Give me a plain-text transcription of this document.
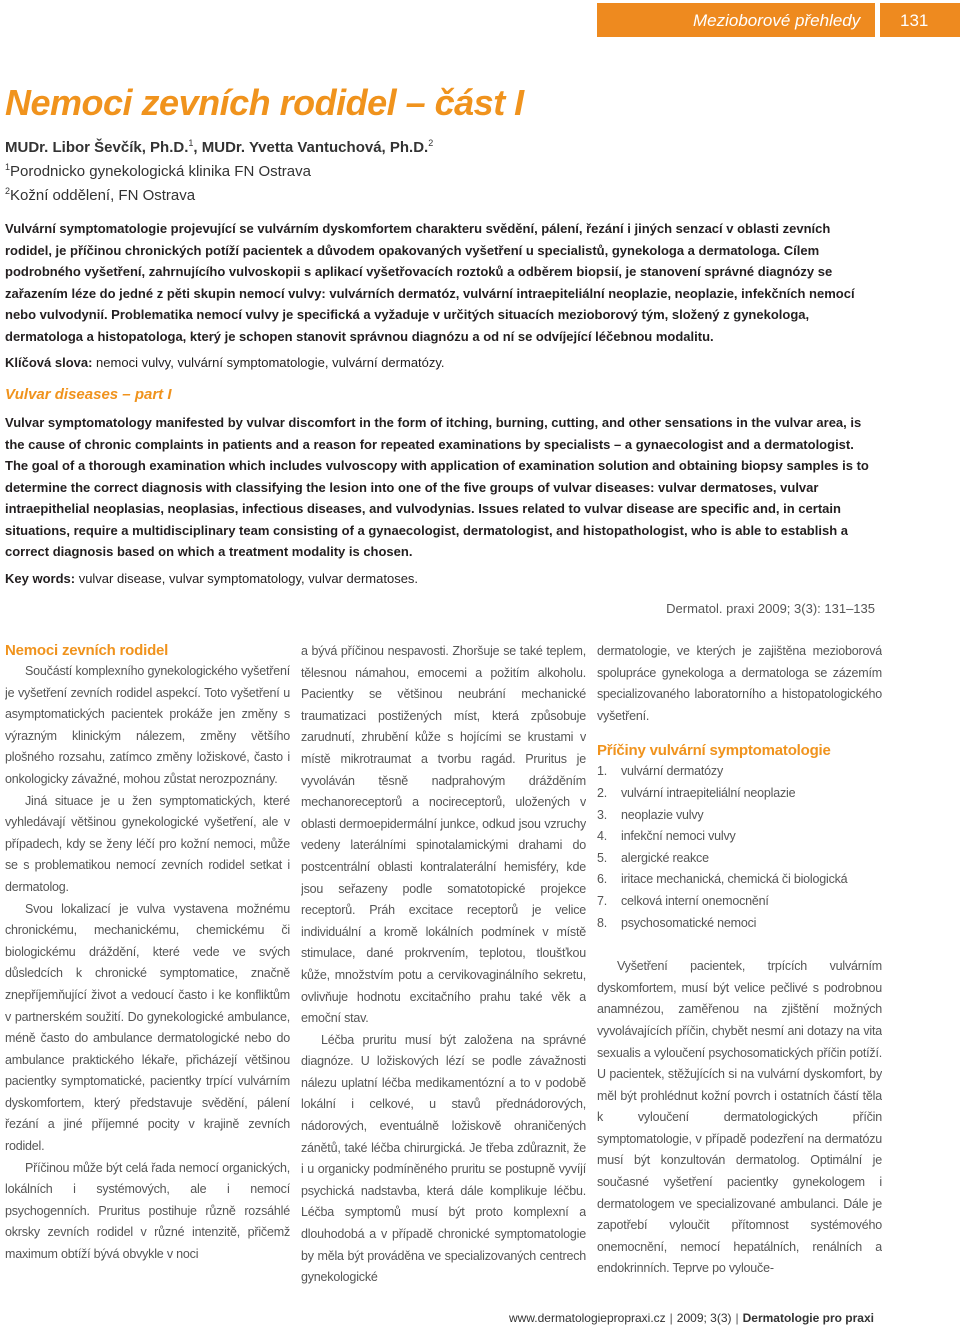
Mezioborové přehledy	131
Nemoci zevních rodidel – část I
MUDr. Libor Ševčík, Ph.D.$^1$, MUDr. Yvetta Vantuchová, Ph.D.$^2$
$^1$Porodnicko gynekologická klinika FN Ostrava
$^2$Kožní oddělení, FN Ostrava

Vulvární symptomatologie projevující se vulvárním dyskomfortem charakteru svědění, pálení, řezání i jiných senzací v oblasti zevních rodidel, je příčinou chronických potíží pacientek a důvodem opakovaných vyšetření u specialistů, gynekologa a dermatologa. Cílem podrobného vyšetření, zahrnujícího vulvoskopii s aplikací vyšetřovacích roztoků a odběrem biopsií, je stanovení správné diagnózy se zařazením léze do jedné z pěti skupin nemocí vulvy: vulvárních dermatóz, vulvární intraepiteliální neoplazie, neoplazie, infekčních nemocí nebo vulvodynií. Problematika nemocí vulvy je specifická a vyžaduje v určitých situacích mezioborový tým, složený z gynekologa, dermatologa a histopatologa, který je schopen stanovit správnou diagnózu a od ní se odvíjející léčebnou modalitu.

Klíčová slova: nemoci vulvy, vulvární symptomatologie, vulvární dermatózy.

Vulvar diseases – part I

Vulvar symptomatology manifested by vulvar discomfort in the form of itching, burning, cutting, and other sensations in the vulvar area, is the cause of chronic complaints in patients and a reason for repeated examinations by specialists – a gynaecologist and a dermatologist. The goal of a thorough examination which includes vulvoscopy with application of examination solution and obtaining biopsy samples is to determine the correct diagnosis with classifying the lesion into one of the five groups of vulvar diseases: vulvar dermatoses, vulvar intraepithelial neoplasias, neoplasias, infectious diseases, and vulvodynias. Issues related to vulvar disease are specific and, in certain situations, require a multidisciplinary team consisting of a gynaecologist, dermatologist, and histopathologist, who is able to establish a correct diagnosis based on which a treatment modality is chosen.

Key words: vulvar disease, vulvar symptomatology, vulvar dermatoses.

Dermatol. praxi 2009; 3(3): 131–135
Nemoci zevních rodidel

Součástí komplexního gynekologického vyšetření je vyšetření zevních rodidel aspekcí. Toto vyšetření u asymptomatických pacientek prokáže jen změny s výrazným klinickým nálezem, změny většího plošného rozsahu, zatímco změny ložiskové, často i onkologicky závažné, mohou zůstat nerozpoznány.

Jiná situace je u žen symptomatických, které vyhledávají většinou gynekologické vyšetření, ale v případech, kdy se ženy léčí pro kožní nemoci, může se s problematikou nemocí zevních rodidel setkat i dermatolog.

Svou lokalizací je vulva vystavena možnému chronickému, mechanickému, chemickému či biologickému dráždění, které vede ve svých důsledcích k chronické symptomatice, značně znepříjemňující život a vedoucí často i ke konfliktům v partnerském soužití. Do gynekologické ambulance, méně často do ambulance dermatologické nebo do ambulance praktického lékaře, přicházejí většinou pacientky symptomatické, pacientky trpící vulvárním dyskomfortem, který představuje svědění, pálení řezání a jiné příjemné pocity v krajině zevních rodidel.

Příčinou může být celá řada nemocí organických, lokálních i systémových, ale i nemocí psychogenních. Pruritus postihuje různě rozsáhlé okrsky zevních rodidel v různé intenzitě, přičemž maximum obtíží bývá obvykle v noci

a bývá příčinou nespavosti. Zhoršuje se také teplem, tělesnou námahou, emocemi a požitím alkoholu. Pacientky se většinou neubrání mechanické traumatizaci postižených míst, která způsobuje zarudnutí, zhrubění kůže s hojícími se krustami v místě mikrotraumat a tvorbu ragád. Pruritus je vyvoláván těsně nadprahovým drážděním mechanoreceptorů a nocireceptorů, uložených v oblasti dermoepidermální junkce, odkud jsou vzruchy vedeny laterálními spinotalamickými drahami do postcentrální oblasti kontralaterální hemisféry, kde jsou seřazeny podle somatotopické projekce receptorů. Práh excitace receptorů je velice individuální a kromě lokálních podmínek v místě stimulace, dané prokrvením, teplotou, tloušťkou kůže, množstvím potu a cervikovaginálního sekretu, ovlivňuje hodnotu excitačního prahu také věk a emoční stav.

Léčba pruritu musí být založena na správné diagnóze. U ložiskových lézí se podle závažnosti nálezu uplatní léčba medikamentózní a to v podobě lokální i celkové, u stavů přednádorových, nádorových, eventuálně ložiskově ohraničených zánětů, také léčba chirurgická. Je třeba zdůraznit, že i u organicky podmíněného pruritu se postupně vyvíjí psychická nadstavba, která dále komplikuje léčbu. Léčba symptomů musí být proto komplexní a dlouhodobá a v případě chronické symptomatologie by měla být prováděna ve specializovaných centrech gynekologické

dermatologie, ve kterých je zajištěna mezioborová spolupráce gynekologa a dermatologa se zázemím specializovaného laboratorního a histopatologického vyšetření.

Příčiny vulvární symptomatologie
1. vulvární dermatózy
2. vulvární intraepiteliální neoplazie
3. neoplazie vulvy
4. infekční nemoci vulvy
5. alergické reakce
6. iritace mechanická, chemická či biologická
7. celková interní onemocnění
8. psychosomatické nemoci

Vyšetření pacientek, trpících vulvárním dyskomfortem, musí být velice pečlivé s podrobnou anamnézou, zaměřenou na zjištění možných vyvolávajících příčin, chybět nesmí ani dotazy na vita sexualis a vyloučení psychosomatických příčin potíží. U pacientek, stěžujících si na vulvární dyskomfort, by měl být prohlédnut kožní povrch i ostatních částí těla k vyloučení dermatologických příčin symptomatologie, v případě podezření na dermatózu musí být konzultován dermatolog. Optimální je současné vyšetření pacientky gynekologem i dermatologem ve specializované ambulanci. Dále je zapotřebí vyloučit přítomnost systémového onemocnění, nemocí hepatálních, renálních a endokrinních. Teprve po vylouče-

www.dermatologiepropraxi.cz | 2009; 3(3) | Dermatologie pro praxi
